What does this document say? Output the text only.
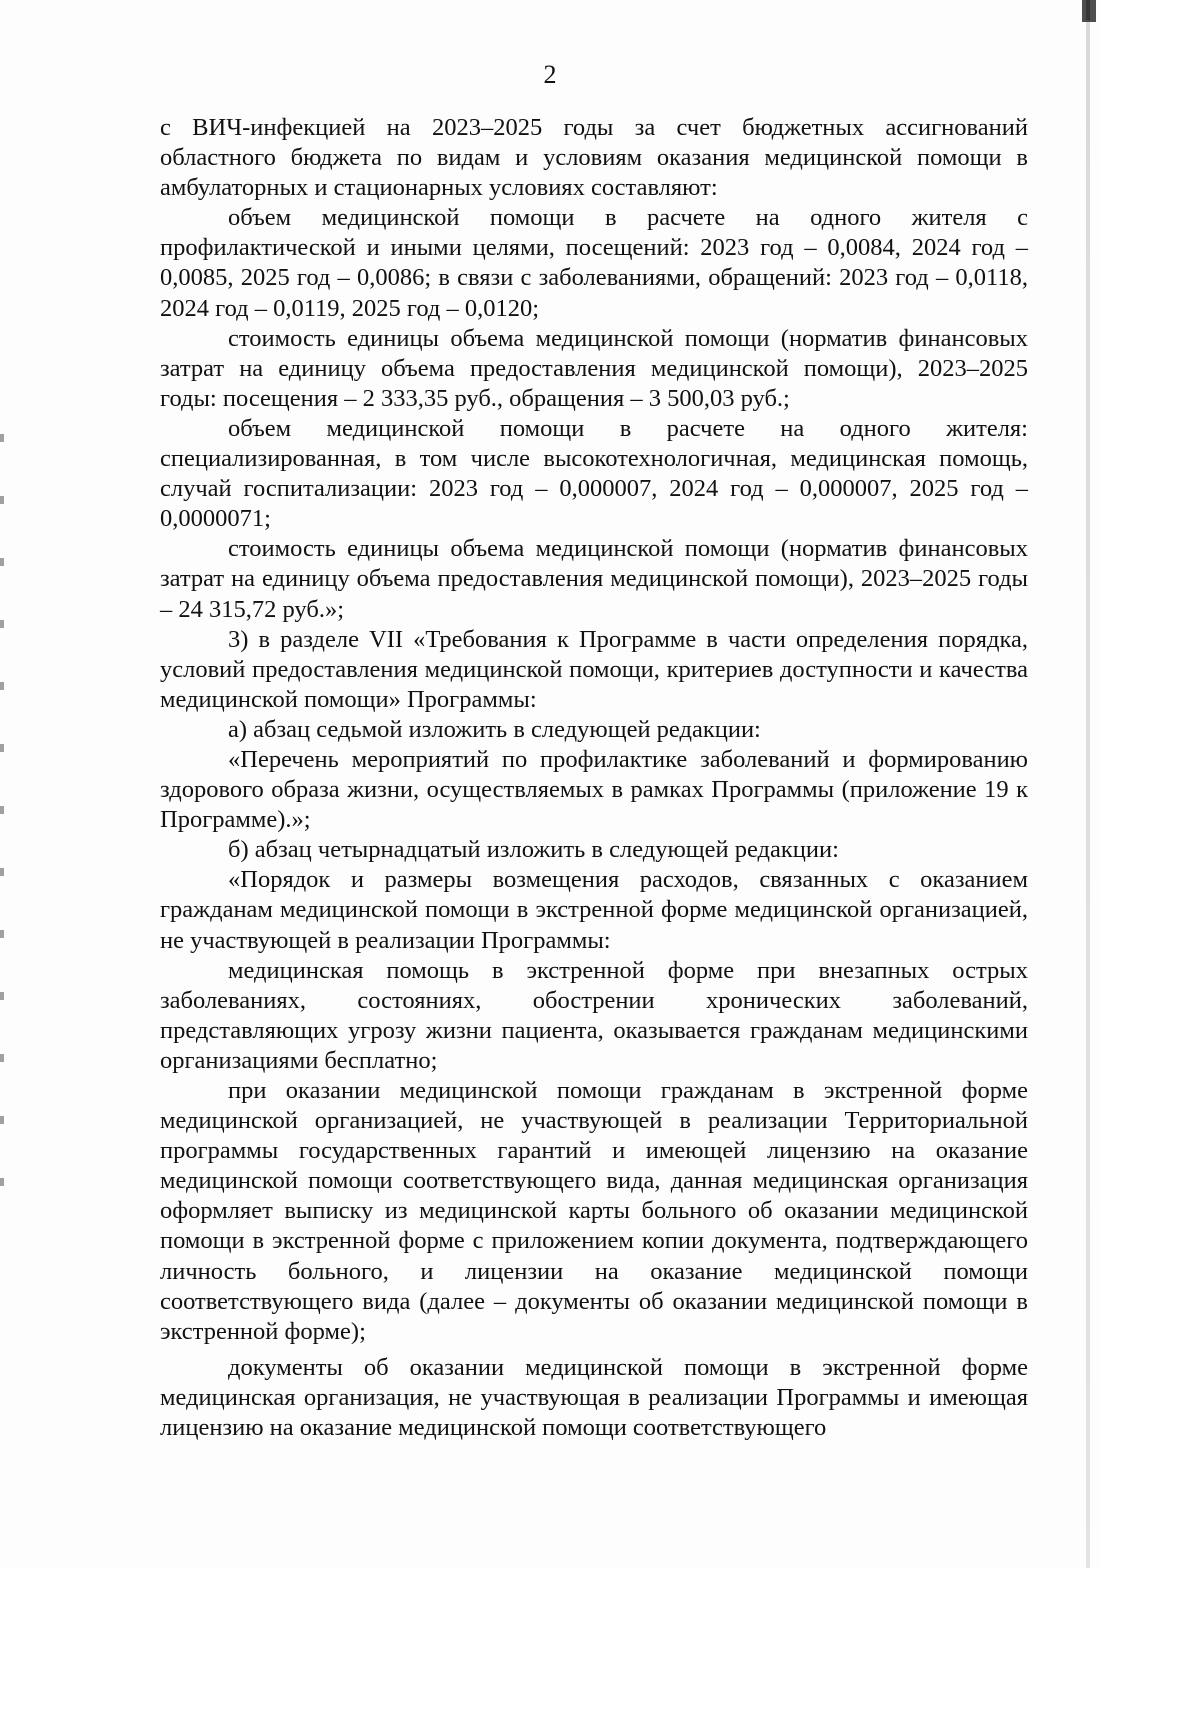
2

с ВИЧ-инфекцией на 2023–2025 годы за счет бюджетных ассигнований областного бюджета по видам и условиям оказания медицинской помощи в амбулаторных и стационарных условиях составляют:

объем медицинской помощи в расчете на одного жителя с профилактической и иными целями, посещений: 2023 год – 0,0084, 2024 год – 0,0085, 2025 год – 0,0086; в связи с заболеваниями, обращений: 2023 год – 0,0118, 2024 год – 0,0119, 2025 год – 0,0120;

стоимость единицы объема медицинской помощи (норматив финансовых затрат на единицу объема предоставления медицинской помощи), 2023–2025 годы: посещения – 2 333,35 руб., обращения – 3 500,03 руб.;

объем медицинской помощи в расчете на одного жителя: специализированная, в том числе высокотехнологичная, медицинская помощь, случай госпитализации: 2023 год – 0,000007, 2024 год – 0,000007, 2025 год – 0,0000071;

стоимость единицы объема медицинской помощи (норматив финансовых затрат на единицу объема предоставления медицинской помощи), 2023–2025 годы – 24 315,72 руб.»;

3) в разделе VII «Требования к Программе в части определения порядка, условий предоставления медицинской помощи, критериев доступности и качества медицинской помощи» Программы:

а) абзац седьмой изложить в следующей редакции:

«Перечень мероприятий по профилактике заболеваний и формированию здорового образа жизни, осуществляемых в рамках Программы (приложение 19 к Программе).»;

б) абзац четырнадцатый изложить в следующей редакции:

«Порядок и размеры возмещения расходов, связанных с оказанием гражданам медицинской помощи в экстренной форме медицинской организацией, не участвующей в реализации Программы:

медицинская помощь в экстренной форме при внезапных острых заболеваниях, состояниях, обострении хронических заболеваний, представляющих угрозу жизни пациента, оказывается гражданам медицинскими организациями бесплатно;

при оказании медицинской помощи гражданам в экстренной форме медицинской организацией, не участвующей в реализации Территориальной программы государственных гарантий и имеющей лицензию на оказание медицинской помощи соответствующего вида, данная медицинская организация оформляет выписку из медицинской карты больного об оказании медицинской помощи в экстренной форме с приложением копии документа, подтверждающего личность больного, и лицензии на оказание медицинской помощи соответствующего вида (далее – документы об оказании медицинской помощи в экстренной форме);

документы об оказании медицинской помощи в экстренной форме медицинская организация, не участвующая в реализации Программы и имеющая лицензию на оказание медицинской помощи соответствующего
